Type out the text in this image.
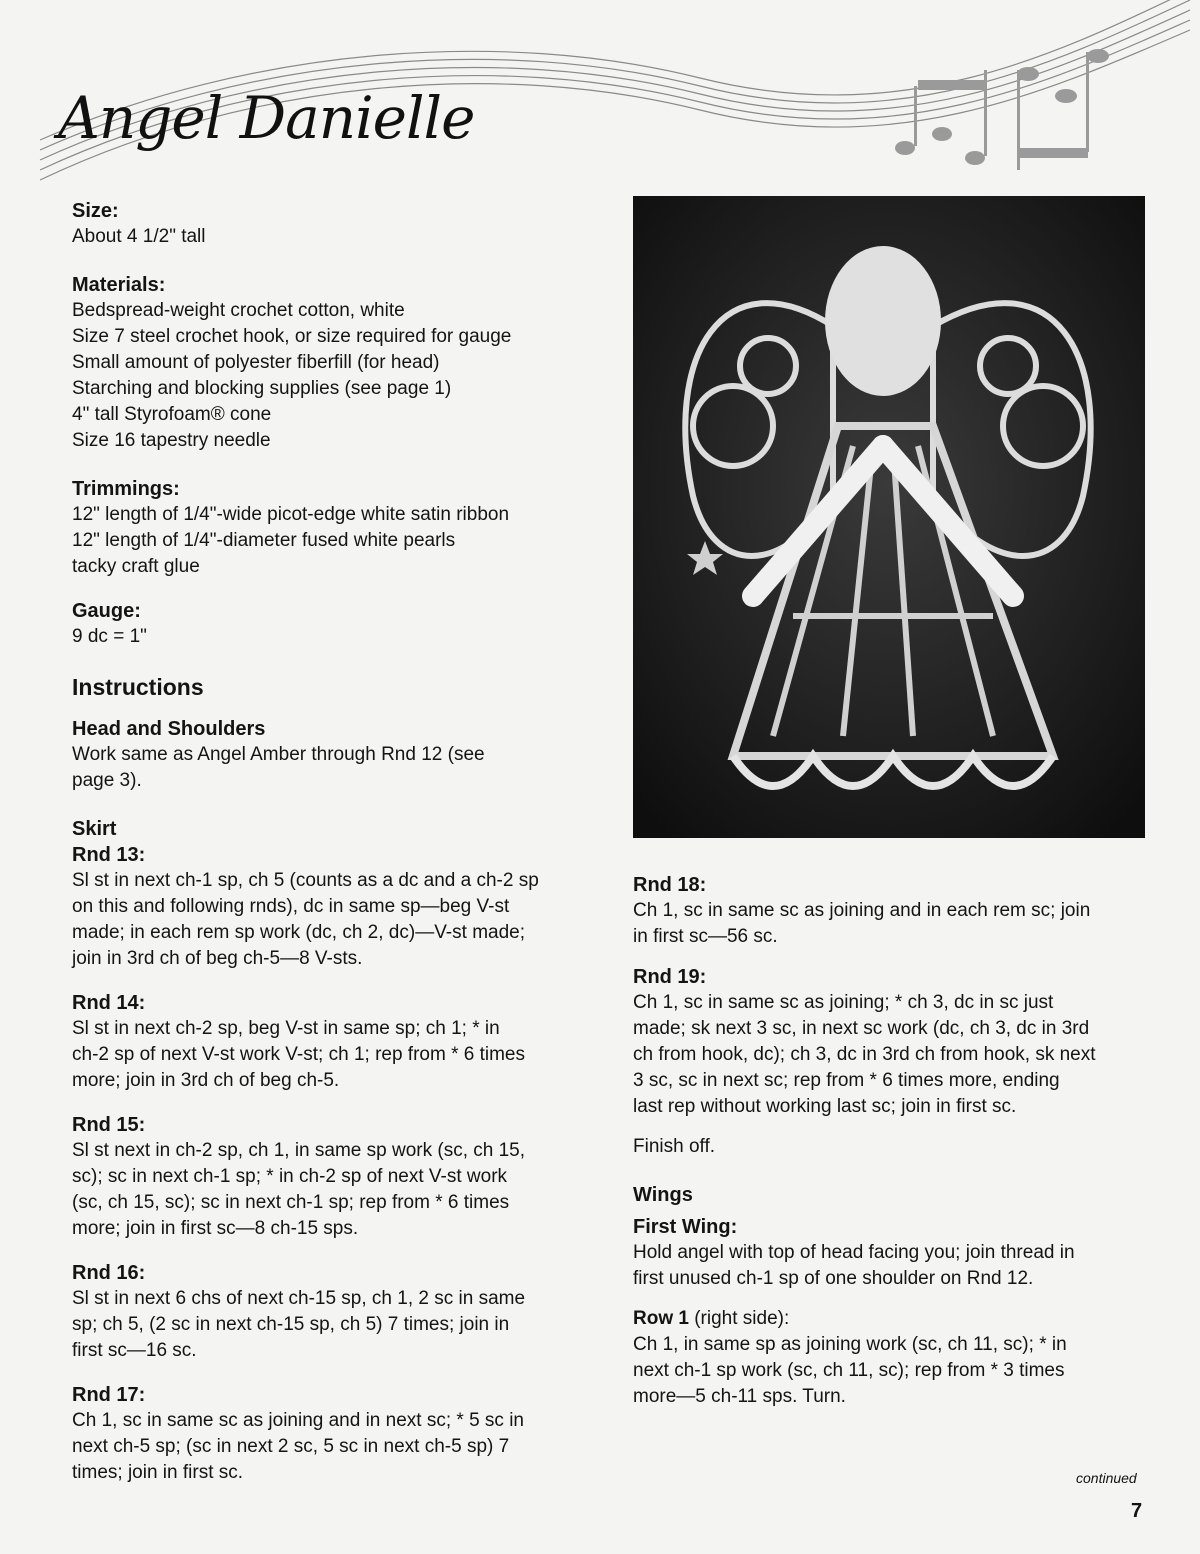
Angel Danielle
Size:
About 4 1/2" tall
Materials:
Bedspread-weight crochet cotton, white
Size 7 steel crochet hook, or size required for gauge
Small amount of polyester fiberfill (for head)
Starching and blocking supplies (see page 1)
4" tall Styrofoam® cone
Size 16 tapestry needle
Trimmings:
12" length of 1/4"-wide picot-edge white satin ribbon
12" length of 1/4"-diameter fused white pearls
tacky craft glue
Gauge:
9 dc = 1"
Instructions
Head and Shoulders
Work same as Angel Amber through Rnd 12 (see
page 3).
Skirt
Rnd 13:
Sl st in next ch-1 sp, ch 5 (counts as a dc and a ch-2 sp
on this and following rnds), dc in same sp—beg V-st
made; in each rem sp work (dc, ch 2, dc)—V-st made;
join in 3rd ch of beg ch-5—8 V-sts.
Rnd 14:
Sl st in next ch-2 sp, beg V-st in same sp; ch 1; * in
ch-2 sp of next V-st work V-st; ch 1; rep from * 6 times
more; join in 3rd ch of beg ch-5.
Rnd 15:
Sl st next in ch-2 sp, ch 1, in same sp work (sc, ch 15,
sc); sc in next ch-1 sp; * in ch-2 sp of next V-st work
(sc, ch 15, sc); sc in next ch-1 sp; rep from * 6 times
more; join in first sc—8 ch-15 sps.
Rnd 16:
Sl st in next 6 chs of next ch-15 sp, ch 1, 2 sc in same
sp; ch 5, (2 sc in next ch-15 sp, ch 5) 7 times; join in
first sc—16 sc.
Rnd 17:
Ch 1, sc in same sc as joining and in next sc; * 5 sc in
next ch-5 sp; (sc in next 2 sc, 5 sc in next ch-5 sp) 7
times; join in first sc.
Rnd 18:
Ch 1, sc in same sc as joining and in each rem sc; join
in first sc—56 sc.
Rnd 19:
Ch 1, sc in same sc as joining; * ch 3, dc in sc just
made; sk next 3 sc, in next sc work (dc, ch 3, dc in 3rd
ch from hook, dc); ch 3, dc in 3rd ch from hook, sk next
3 sc, sc in next sc; rep from * 6 times more, ending
last rep without working last sc; join in first sc.
Finish off.
Wings
First Wing:
Hold angel with top of head facing you; join thread in
first unused ch-1 sp of one shoulder on Rnd 12.
Row 1 (right side):
Ch 1, in same sp as joining work (sc, ch 11, sc); * in
next ch-1 sp work (sc, ch 11, sc); rep from * 3 times
more—5 ch-11 sps. Turn.
continued
7
